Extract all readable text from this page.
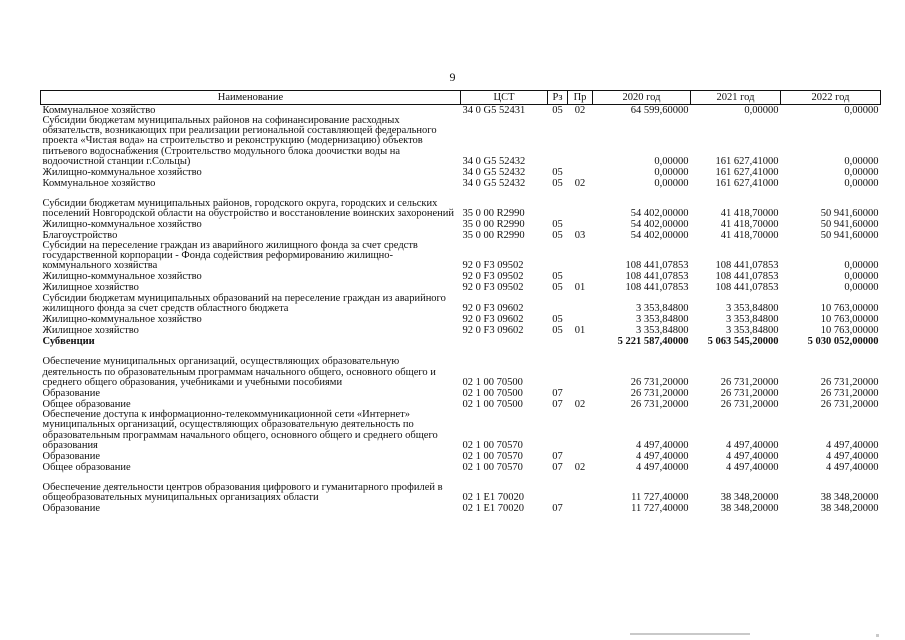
9
Наименование	ЦСТ	Рз	Пр	2020 год	2021 год	2022 год
Коммунальное хозяйство	34 0 G5 52431	05	02	64 599,60000	0,00000	0,00000
Субсидии бюджетам муниципальных районов на софинансирование расходных обязательств, возникающих при реализации региональной составляющей федерального проекта «Чистая вода» на строительство и реконструкцию (модернизацию) объектов питьевого водоснабжения (Строительство модульного блока доочистки воды на водоочистной станции г.Сольцы)	34 0 G5 52432			0,00000	161 627,41000	0,00000
Жилищно-коммунальное хозяйство	34 0 G5 52432	05		0,00000	161 627,41000	0,00000
Коммунальное хозяйство	34 0 G5 52432	05	02	0,00000	161 627,41000	0,00000
Субсидии бюджетам муниципальных районов, городского округа, городских и сельских поселений Новгородской области на обустройство и восстановление воинских захоронений	35 0 00 R2990			54 402,00000	41 418,70000	50 941,60000
Жилищно-коммунальное хозяйство	35 0 00 R2990	05		54 402,00000	41 418,70000	50 941,60000
Благоустройство	35 0 00 R2990	05	03	54 402,00000	41 418,70000	50 941,60000
Субсидии на переселение граждан из аварийного жилищного фонда за счет средств государственной корпорации - Фонда содействия реформированию жилищно-коммунального хозяйства	92 0 F3 09502			108 441,07853	108 441,07853	0,00000
Жилищно-коммунальное хозяйство	92 0 F3 09502	05		108 441,07853	108 441,07853	0,00000
Жилищное хозяйство	92 0 F3 09502	05	01	108 441,07853	108 441,07853	0,00000
Субсидии бюджетам муниципальных образований на переселение граждан из аварийного жилищного фонда за счет средств областного бюджета	92 0 F3 09602			3 353,84800	3 353,84800	10 763,00000
Жилищно-коммунальное хозяйство	92 0 F3 09602	05		3 353,84800	3 353,84800	10 763,00000
Жилищное хозяйство	92 0 F3 09602	05	01	3 353,84800	3 353,84800	10 763,00000
Субвенции				5 221 587,40000	5 063 545,20000	5 030 052,00000
Обеспечение муниципальных организаций, осуществляющих образовательную деятельность по образовательным программам начального общего, основного общего и среднего общего образования, учебниками и учебными пособиями	02 1 00 70500			26 731,20000	26 731,20000	26 731,20000
Образование	02 1 00 70500	07		26 731,20000	26 731,20000	26 731,20000
Общее образование	02 1 00 70500	07	02	26 731,20000	26 731,20000	26 731,20000
Обеспечение доступа к информационно-телекоммуникационной сети «Интернет» муниципальных организаций, осуществляющих образовательную деятельность по образовательным программам начального общего, основного общего и среднего общего образования	02 1 00 70570			4 497,40000	4 497,40000	4 497,40000
Образование	02 1 00 70570	07		4 497,40000	4 497,40000	4 497,40000
Общее образование	02 1 00 70570	07	02	4 497,40000	4 497,40000	4 497,40000
Обеспечение деятельности центров образования цифрового и гуманитарного профилей в общеобразовательных муниципальных организациях области	02 1 E1 70020			11 727,40000	38 348,20000	38 348,20000
Образование	02 1 E1 70020	07		11 727,40000	38 348,20000	38 348,20000
